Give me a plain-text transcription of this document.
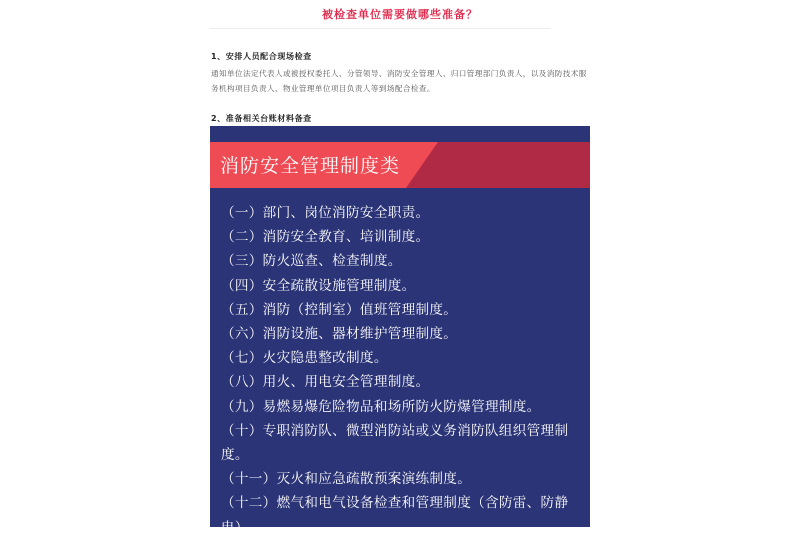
被检查单位需要做哪些准备？
1、安排人员配合现场检查
通知单位法定代表人或被授权委托人、分管领导、消防安全管理人、归口管理部门负责人，以及消防技术服务机构项目负责人、物业管理单位项目负责人等到场配合检查。
2、准备相关台账材料备查
消防安全管理制度类
（一）部门、岗位消防安全职责。
（二）消防安全教育、培训制度。
（三）防火巡查、检查制度。
（四）安全疏散设施管理制度。
（五）消防（控制室）值班管理制度。
（六）消防设施、器材维护管理制度。
（七）火灾隐患整改制度。
（八）用火、用电安全管理制度。
（九）易燃易爆危险物品和场所防火防爆管理制度。
（十）专职消防队、微型消防站或义务消防队组织管理制
度。
（十一）灭火和应急疏散预案演练制度。
（十二）燃气和电气设备检查和管理制度（含防雷、防静
电）。
